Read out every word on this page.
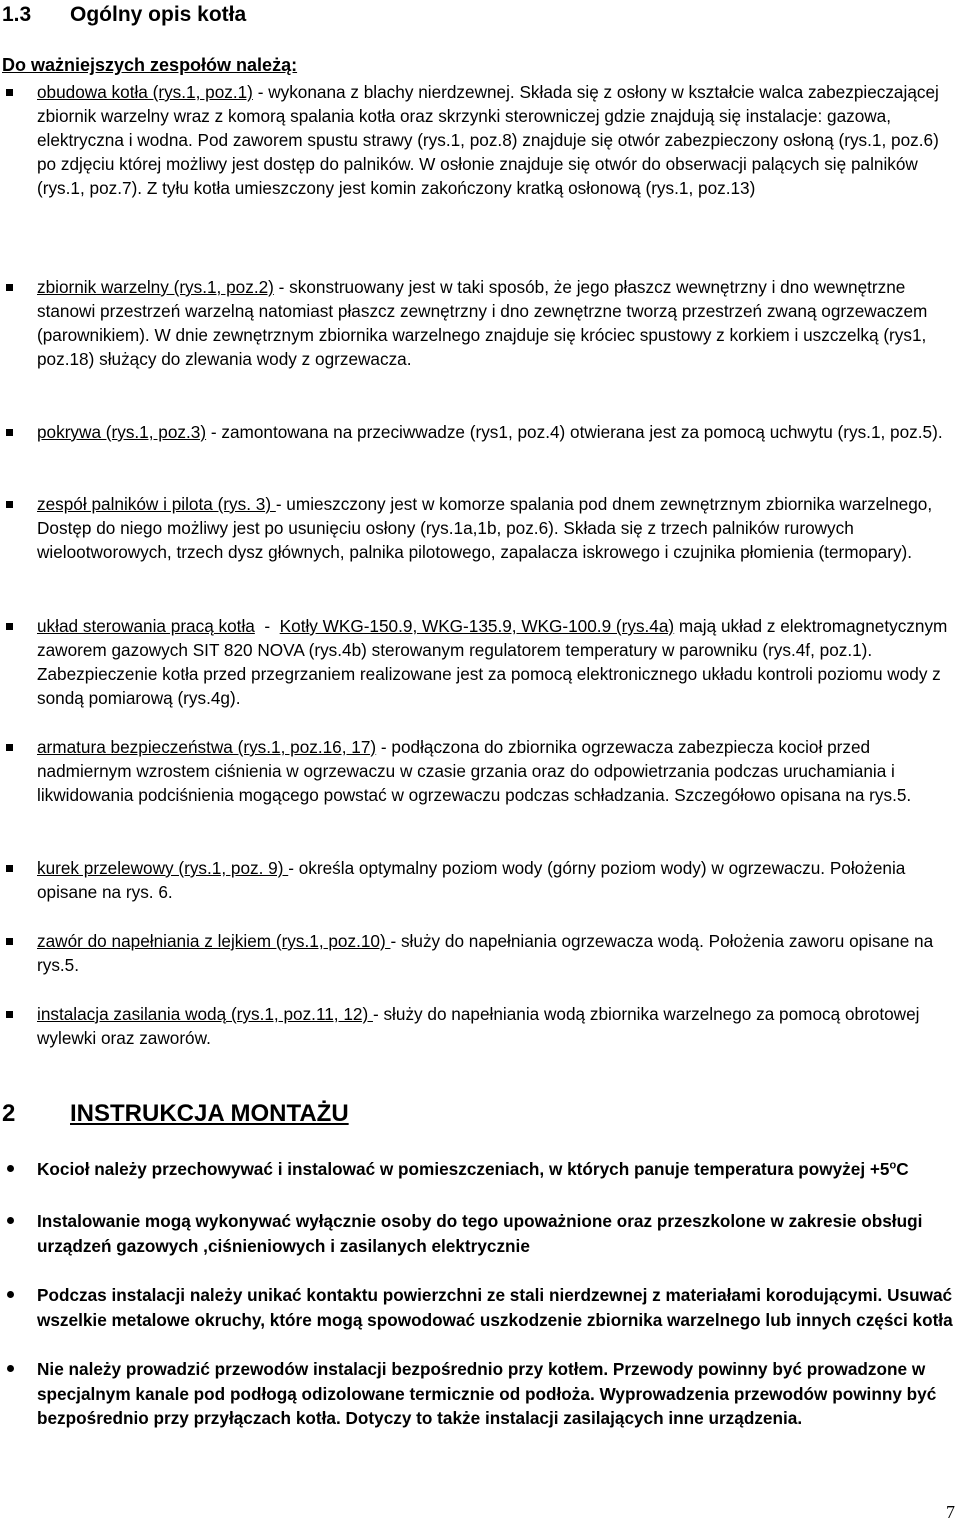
1.3 Ogólny opis kotła
Do ważniejszych zespołów należą:
obudowa kotła (rys.1, poz.1) - wykonana z blachy nierdzewnej. Składa się z osłony w kształcie walca zabezpieczającej zbiornik warzelny wraz z komorą spalania kotła oraz skrzynki sterowniczej gdzie znajdują się instalacje: gazowa, elektryczna i wodna. Pod zaworem spustu strawy (rys.1, poz.8) znajduje się otwór zabezpieczony osłoną (rys.1, poz.6) po zdjęciu której możliwy jest dostęp do palników. W osłonie znajduje się otwór do obserwacji palących się palników (rys.1, poz.7). Z tyłu kotła umieszczony jest komin zakończony kratką osłonową (rys.1, poz.13)
zbiornik warzelny (rys.1, poz.2) - skonstruowany jest w taki sposób, że jego płaszcz wewnętrzny i dno wewnętrzne stanowi przestrzeń warzelną natomiast płaszcz zewnętrzny i dno zewnętrzne tworzą przestrzeń zwaną ogrzewaczem (parownikiem). W dnie zewnętrznym zbiornika warzelnego znajduje się króciec spustowy z korkiem i uszczelką (rys1, poz.18) służący do zlewania wody z ogrzewacza.
pokrywa (rys.1, poz.3) - zamontowana na przeciwwadze (rys1, poz.4) otwierana jest za pomocą uchwytu (rys.1, poz.5).
zespół palników i pilota (rys. 3) - umieszczony jest w komorze spalania pod dnem zewnętrznym zbiornika warzelnego, Dostęp do niego możliwy jest po usunięciu osłony (rys.1a,1b, poz.6). Składa się z trzech palników rurowych wielootworowych, trzech dysz głównych, palnika pilotowego, zapalacza iskrowego i czujnika płomienia (termopary).
układ sterowania pracą kotła  -  Kotły WKG-150.9, WKG-135.9, WKG-100.9 (rys.4a) mają układ z elektromagnetycznym zaworem gazowych SIT 820 NOVA (rys.4b) sterowanym regulatorem temperatury w parowniku (rys.4f, poz.1). Zabezpieczenie kotła przed przegrzaniem realizowane jest za pomocą elektronicznego układu kontroli poziomu wody z sondą pomiarową (rys.4g).
armatura bezpieczeństwa (rys.1, poz.16, 17) - podłączona do zbiornika ogrzewacza zabezpiecza kocioł przed nadmiernym wzrostem ciśnienia w ogrzewaczu w czasie grzania oraz do odpowietrzania podczas uruchamiania i likwidowania podciśnienia mogącego powstać w ogrzewaczu podczas schładzania. Szczegółowo opisana na rys.5.
kurek przelewowy (rys.1, poz. 9) - określa optymalny poziom wody (górny poziom wody) w ogrzewaczu. Położenia opisane na rys. 6.
zawór do napełniania z lejkiem (rys.1, poz.10) - służy do napełniania ogrzewacza wodą. Położenia zaworu opisane na rys.5.
instalacja zasilania wodą (rys.1, poz.11, 12) - służy do napełniania wodą zbiornika warzelnego za pomocą obrotowej wylewki oraz zaworów.
2 INSTRUKCJA MONTAŻU
Kocioł należy przechowywać i instalować w pomieszczeniach, w których panuje temperatura powyżej $+5^oC$
Instalowanie mogą wykonywać wyłącznie osoby do tego upoważnione oraz przeszkolone w zakresie obsługi urządzeń gazowych ,ciśnieniowych i zasilanych elektrycznie
Podczas instalacji należy unikać kontaktu powierzchni ze stali nierdzewnej z materiałami korodującymi. Usuwać wszelkie metalowe okruchy, które mogą spowodować uszkodzenie zbiornika warzelnego lub innych części kotła
Nie należy prowadzić przewodów instalacji bezpośrednio przy kotłem. Przewody powinny być prowadzone w specjalnym kanale pod podłogą odizolowane termicznie od podłoża. Wyprowadzenia przewodów powinny być bezpośrednio przy przyłączach kotła. Dotyczy to także instalacji zasilających inne urządzenia.
7
